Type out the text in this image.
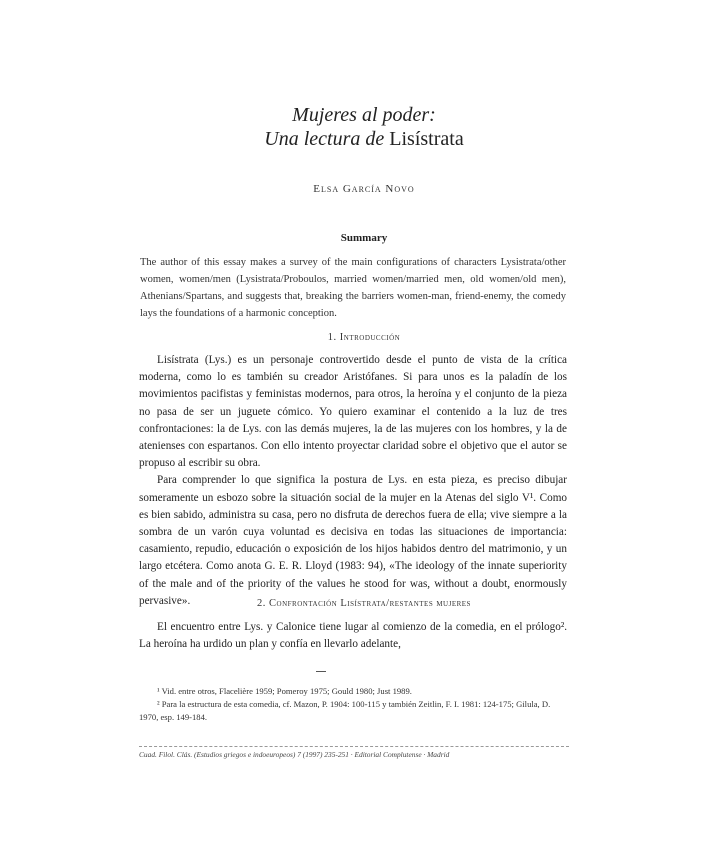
Mujeres al poder:
Una lectura de Lisístrata
Elsa García Novo
Summary
The author of this essay makes a survey of the main configurations of characters Lysistrata/other women, women/men (Lysistrata/Proboulos, married women/married men, old women/old men), Athenians/Spartans, and suggests that, breaking the barriers women-man, friend-enemy, the comedy lays the foundations of a harmonic conception.
1. Introducción

Lisístrata (Lys.) es un personaje controvertido desde el punto de vista de la crítica moderna, como lo es también su creador Aristófanes. Si para unos es la paladín de los movimientos pacifistas y feministas modernos, para otros, la heroína y el conjunto de la pieza no pasa de ser un juguete cómico. Yo quiero examinar el contenido a la luz de tres confrontaciones: la de Lys. con las demás mujeres, la de las mujeres con los hombres, y la de atenienses con espartanos. Con ello intento proyectar claridad sobre el objetivo que el autor se propuso al escribir su obra.

Para comprender lo que significa la postura de Lys. en esta pieza, es preciso dibujar someramente un esbozo sobre la situación social de la mujer en la Atenas del siglo V¹. Como es bien sabido, administra su casa, pero no disfruta de derechos fuera de ella; vive siempre a la sombra de un varón cuya voluntad es decisiva en todas las situaciones de importancia: casamiento, repudio, educación o exposición de los hijos habidos dentro del matrimonio, y un largo etcétera. Como anota G. E. R. Lloyd (1983: 94), «The ideology of the innate superiority of the male and of the priority of the values he stood for was, without a doubt, enormously pervasive».	2. Confrontación Lisístrata/restantes mujeres

El encuentro entre Lys. y Calonice tiene lugar al comienzo de la comedia, en el prólogo². La heroína ha urdido un plan y confía en llevarlo adelante,

¹ Vid. entre otros, Flacelière 1959; Pomeroy 1975; Gould 1980; Just 1989.

² Para la estructura de esta comedia, cf. Mazon, P. 1904: 100-115 y también Zeitlin, F. I. 1981: 124-175; Gilula, D. 1970, esp. 149-184.

Cuad. Filol. Clás. (Estudios griegos e indoeuropeos) 7 (1997) 235-251 · Editorial Complutense · Madrid
